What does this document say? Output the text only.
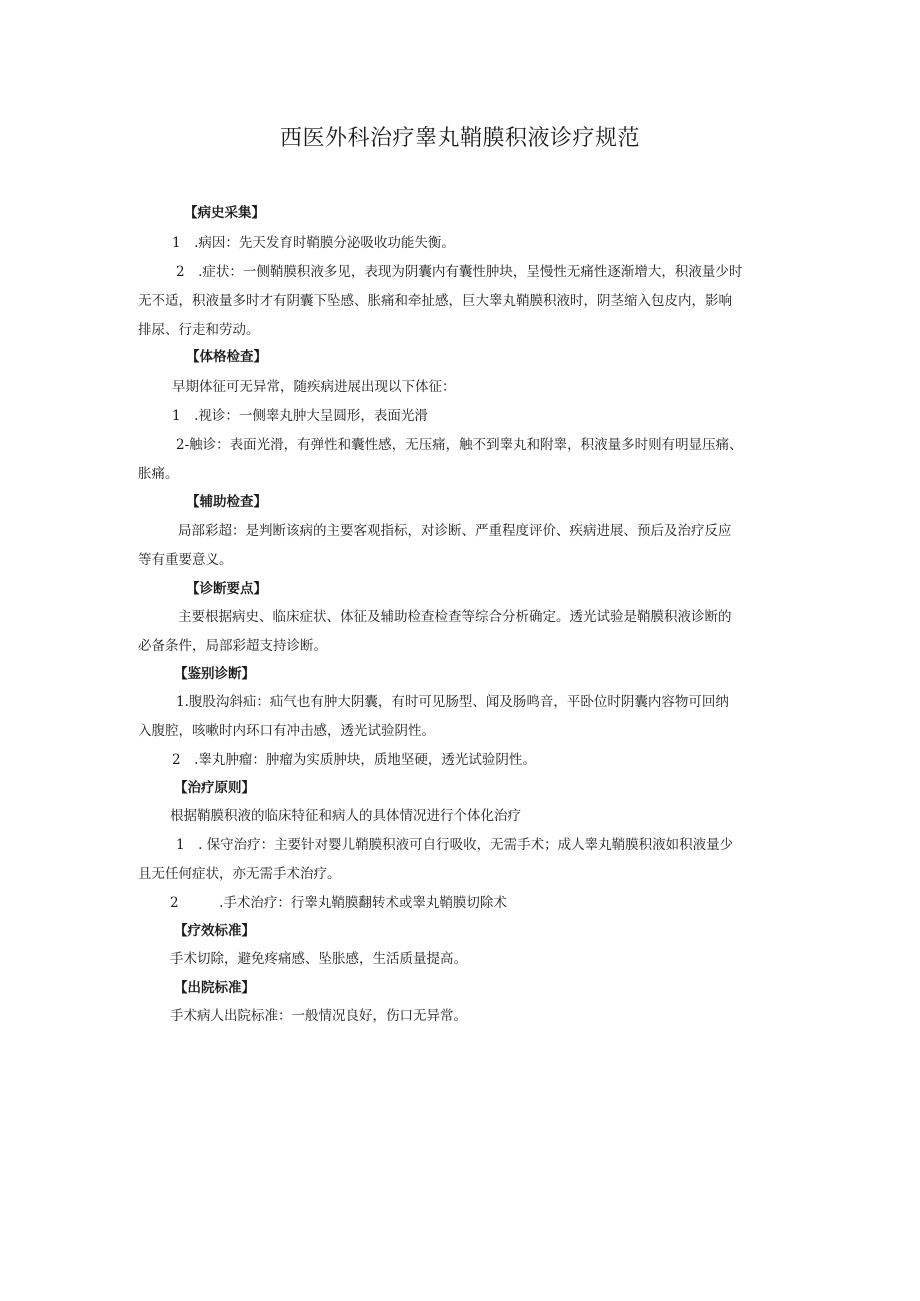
西医外科治疗睾丸鞘膜积液诊疗规范
【病史采集】
1　.病因：先天发育时鞘膜分泌吸收功能失衡。
2　.症状：一侧鞘膜积液多见，表现为阴囊内有囊性肿块，呈慢性无痛性逐渐增大，积液量少时
无不适，积液量多时才有阴囊下坠感、胀痛和牵扯感，巨大睾丸鞘膜积液时，阴茎缩入包皮内，影响
排尿、行走和劳动。
【体格检查】
早期体征可无异常，随疾病进展出现以下体征：
1　.视诊：一侧睾丸肿大呈圆形，表面光滑
2-触诊：表面光滑，有弹性和囊性感，无压痛，触不到睾丸和附睾，积液量多时则有明显压痛、
胀痛。
【辅助检查】
局部彩超：是判断该病的主要客观指标，对诊断、严重程度评价、疾病进展、预后及治疗反应
等有重要意义。
【诊断要点】
主要根据病史、临床症状、体征及辅助检查检查等综合分析确定。透光试验是鞘膜积液诊断的
必备条件，局部彩超支持诊断。
【鉴别诊断】
1.腹股沟斜疝：疝气也有肿大阴囊，有时可见肠型、闻及肠鸣音，平卧位时阴囊内容物可回纳
入腹腔，咳嗽时内环口有冲击感，透光试验阴性。
2　.睾丸肿瘤：肿瘤为实质肿块，质地坚硬，透光试验阴性。
【治疗原则】
根据鞘膜积液的临床特征和病人的具体情况进行个体化治疗
1　. 保守治疗：主要针对婴儿鞘膜积液可自行吸收，无需手术；成人睾丸鞘膜积液如积液量少
且无任何症状，亦无需手术治疗。
2　　　.手术治疗：行睾丸鞘膜翻转术或睾丸鞘膜切除术
【疗效标准】
手术切除，避免疼痛感、坠胀感，生活质量提高。
【出院标准】
手术病人出院标准：一般情况良好，伤口无异常。
